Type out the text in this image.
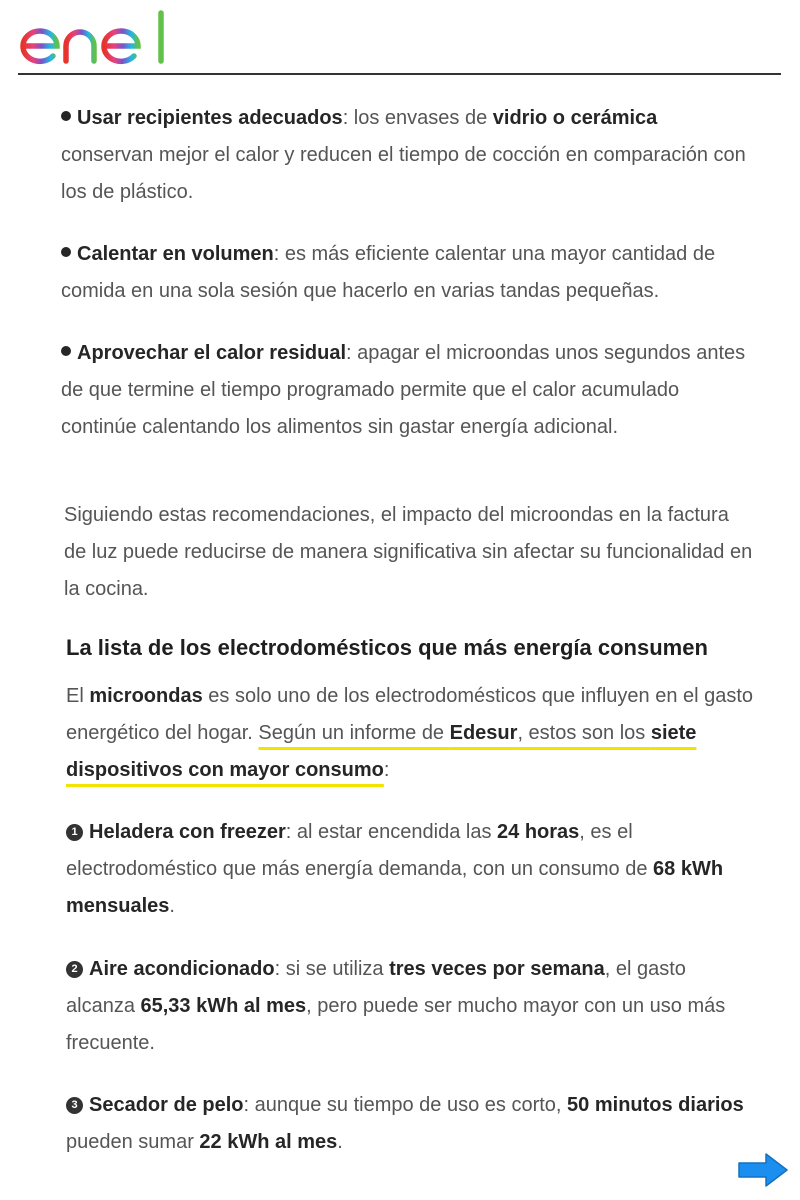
Usar recipientes adecuados: los envases de vidrio o cerámica conservan mejor el calor y reducen el tiempo de cocción en comparación con los de plástico.

Calentar en volumen: es más eficiente calentar una mayor cantidad de comida en una sola sesión que hacerlo en varias tandas pequeñas.

Aprovechar el calor residual: apagar el microondas unos segundos antes de que termine el tiempo programado permite que el calor acumulado continúe calentando los alimentos sin gastar energía adicional.

Siguiendo estas recomendaciones, el impacto del microondas en la factura de luz puede reducirse de manera significativa sin afectar su funcionalidad en la cocina.

La lista de los electrodomésticos que más energía consumen

El microondas es solo uno de los electrodomésticos que influyen en el gasto energético del hogar. Según un informe de Edesur, estos son los siete dispositivos con mayor consumo:

1 Heladera con freezer: al estar encendida las 24 horas, es el electrodoméstico que más energía demanda, con un consumo de 68 kWh mensuales.

2 Aire acondicionado: si se utiliza tres veces por semana, el gasto alcanza 65,33 kWh al mes, pero puede ser mucho mayor con un uso más frecuente.

3 Secador de pelo: aunque su tiempo de uso es corto, 50 minutos diarios pueden sumar 22 kWh al mes.
